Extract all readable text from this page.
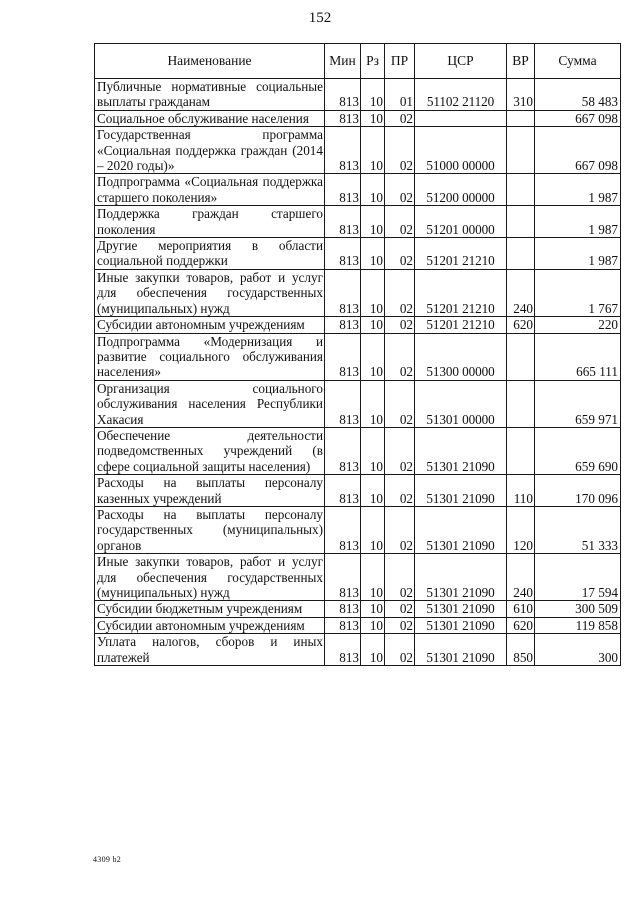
152
Наименование	Мин	Рз	ПР	ЦСР	ВР	Сумма
Публичные нормативные социальные выплаты гражданам	813	10	01	51102 21120	310	58 483
Социальное обслуживание населения	813	10	02			667 098
Государственная программа «Социальная поддержка граждан (2014 – 2020 годы)»	813	10	02	51000 00000		667 098
Подпрограмма «Социальная поддержка старшего поколения»	813	10	02	51200 00000		1 987
Поддержка граждан старшего поколения	813	10	02	51201 00000		1 987
Другие мероприятия в области социальной поддержки	813	10	02	51201 21210		1 987
Иные закупки товаров, работ и услуг для обеспечения государственных (муниципальных) нужд	813	10	02	51201 21210	240	1 767
Субсидии автономным учреждениям	813	10	02	51201 21210	620	220
Подпрограмма «Модернизация и развитие социального обслуживания населения»	813	10	02	51300 00000		665 111
Организация социального обслуживания населения Республики Хакасия	813	10	02	51301 00000		659 971
Обеспечение деятельности подведомственных учреждений (в сфере социальной защиты населения)	813	10	02	51301 21090		659 690
Расходы на выплаты персоналу казенных учреждений	813	10	02	51301 21090	110	170 096
Расходы на выплаты персоналу государственных (муниципальных) органов	813	10	02	51301 21090	120	51 333
Иные закупки товаров, работ и услуг для обеспечения государственных (муниципальных) нужд	813	10	02	51301 21090	240	17 594
Субсидии бюджетным учреждениям	813	10	02	51301 21090	610	300 509
Субсидии автономным учреждениям	813	10	02	51301 21090	620	119 858
Уплата налогов, сборов и иных платежей	813	10	02	51301 21090	850	300
4309 b2
